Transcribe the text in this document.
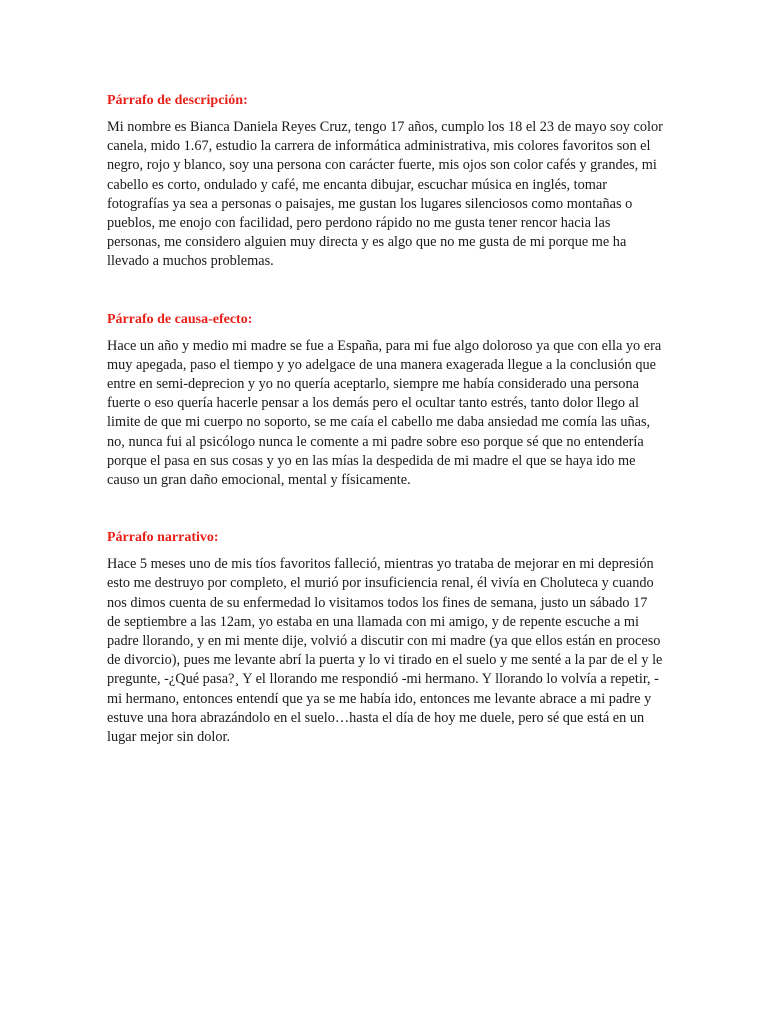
Párrafo de descripción:

Mi nombre es Bianca Daniela Reyes Cruz, tengo 17 años, cumplo los 18 el 23 de mayo soy color canela, mido 1.67, estudio la carrera de informática administrativa, mis colores favoritos son el negro, rojo y blanco, soy una persona con carácter fuerte, mis ojos son color cafés y grandes, mi cabello es corto, ondulado y café, me encanta dibujar, escuchar música en inglés, tomar fotografías ya sea a personas o paisajes, me gustan los lugares silenciosos como montañas o pueblos, me enojo con facilidad, pero perdono rápido no me gusta tener rencor hacia las personas, me considero alguien muy directa y es algo que no me gusta de mi porque me ha llevado a muchos problemas.

Párrafo de causa-efecto:

Hace un año y medio mi madre se fue a España, para mi fue algo doloroso ya que con ella yo era muy apegada, paso el tiempo y yo adelgace de una manera exagerada llegue a la conclusión que entre en semi-deprecion y yo no quería aceptarlo, siempre me había considerado una persona fuerte o eso quería hacerle pensar a los demás pero el ocultar tanto estrés, tanto dolor llego al limite de que mi cuerpo no soporto, se me caía el cabello me daba ansiedad me comía las uñas, no, nunca fui al psicólogo nunca le comente a mi padre sobre eso porque sé que no entendería porque el pasa en sus cosas y yo en las mías la despedida de mi madre el que se haya ido me causo un gran daño emocional, mental y físicamente.

Párrafo narrativo:

Hace 5 meses uno de mis tíos favoritos falleció, mientras yo trataba de mejorar en mi depresión esto me destruyo por completo, el murió por insuficiencia renal, él vivía en Choluteca y cuando nos dimos cuenta de su enfermedad lo visitamos todos los fines de semana, justo un sábado 17 de septiembre a las 12am, yo estaba en una llamada con mi amigo, y de repente escuche a mi padre llorando, y en mi mente dije, volvió a discutir con mi madre (ya que ellos están en proceso de divorcio), pues me levante abrí la puerta y lo vi tirado en el suelo y me senté a la par de el y le pregunte, -¿Qué pasa?¸ Y el llorando me respondió -mi hermano. Y llorando lo volvía a repetir, -mi hermano, entonces entendí que ya se me había ido, entonces me levante abrace a mi padre y estuve una hora abrazándolo en el suelo…hasta el día de hoy me duele, pero sé que está en un lugar mejor sin dolor.
